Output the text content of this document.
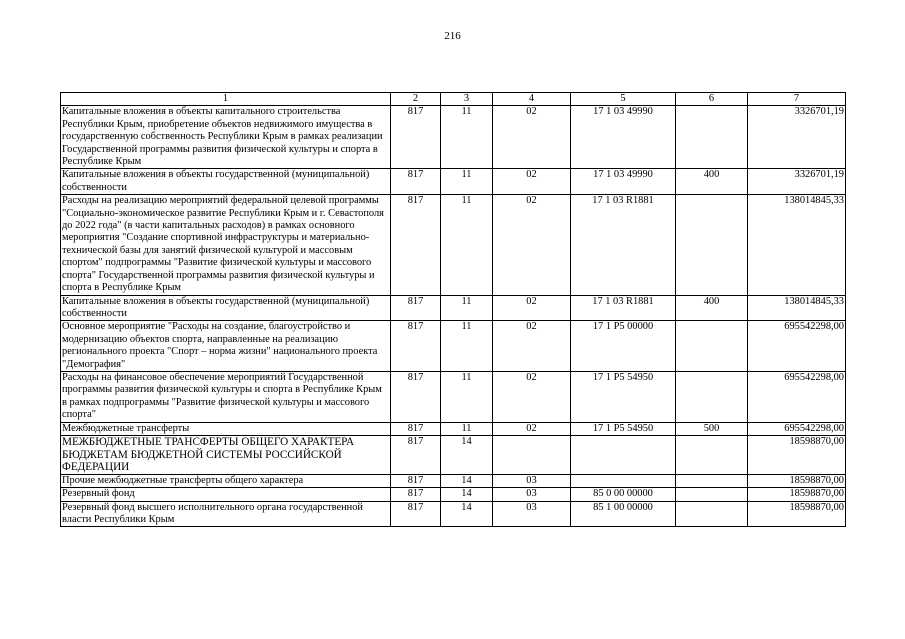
216
1	2	3	4	5	6	7
Капитальные вложения в объекты капитального строительства Республики Крым, приобретение объектов недвижимого имущества в государственную собственность Республики Крым в рамках реализации Государственной программы развития физической культуры и спорта в Республике Крым	817	11	02	17 1 03 49990		3326701,19
Капитальные вложения в объекты государственной (муниципальной) собственности	817	11	02	17 1 03 49990	400	3326701,19
Расходы на реализацию мероприятий федеральной целевой программы "Социально-экономическое развитие Республики Крым и г. Севастополя до 2022 года" (в части капитальных расходов) в рамках основного мероприятия "Создание спортивной инфраструктуры и материально-технической базы для занятий физической культурой и массовым спортом" подпрограммы "Развитие физической культуры и массового спорта" Государственной программы развития физической культуры и спорта в Республике Крым	817	11	02	17 1 03 R1881		138014845,33
Капитальные вложения в объекты государственной (муниципальной) собственности	817	11	02	17 1 03 R1881	400	138014845,33
Основное мероприятие "Расходы на создание, благоустройство и модернизацию объектов спорта, направленные на реализацию регионального проекта "Спорт – норма жизни" национального проекта "Демография"	817	11	02	17 1 P5 00000		695542298,00
Расходы на финансовое обеспечение мероприятий Государственной программы развития физической культуры и спорта в Республике Крым в рамках подпрограммы "Развитие физической культуры и массового спорта"	817	11	02	17 1 P5 54950		695542298,00
Межбюджетные трансферты	817	11	02	17 1 P5 54950	500	695542298,00
МЕЖБЮДЖЕТНЫЕ ТРАНСФЕРТЫ ОБЩЕГО ХАРАКТЕРА БЮДЖЕТАМ БЮДЖЕТНОЙ СИСТЕМЫ РОССИЙСКОЙ ФЕДЕРАЦИИ	817	14				18598870,00
Прочие межбюджетные трансферты общего характера	817	14	03			18598870,00
Резервный фонд	817	14	03	85 0 00 00000		18598870,00
Резервный фонд высшего исполнительного органа государственной власти Республики Крым	817	14	03	85 1 00 00000		18598870,00
